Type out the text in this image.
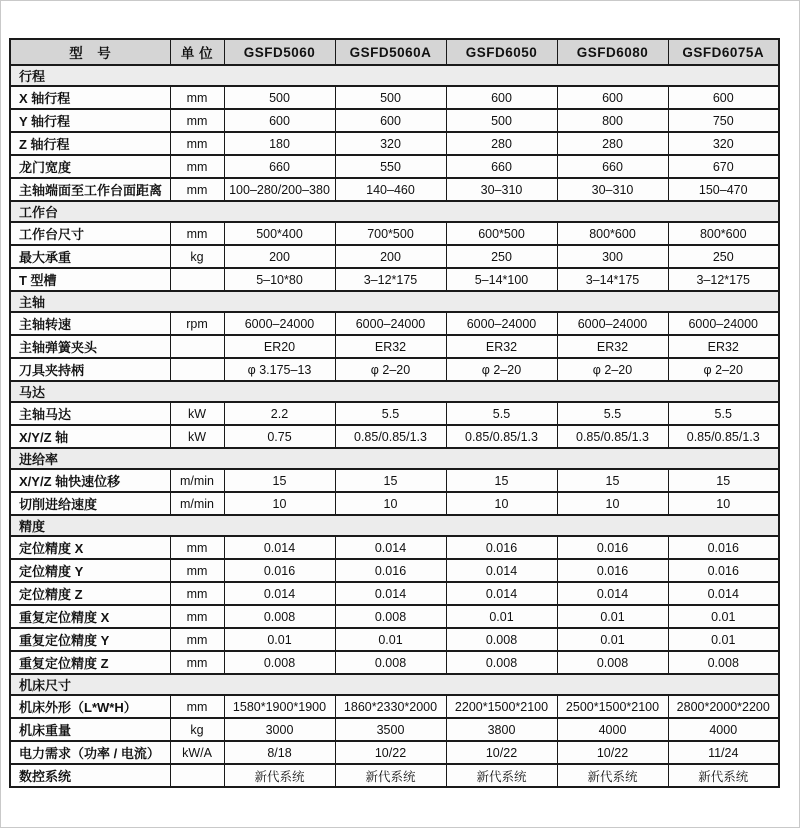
型　号	单 位	GSFD5060	GSFD5060A	GSFD6050	GSFD6080	GSFD6075A
行程						
X 轴行程	mm	500	500	600	600	600
Y 轴行程	mm	600	600	500	800	750
Z 轴行程	mm	180	320	280	280	320
龙门宽度	mm	660	550	660	660	670
主轴端面至工作台面距离	mm	100–280/200–380	140–460	30–310	30–310	150–470
工作台						
工作台尺寸	mm	500*400	700*500	600*500	800*600	800*600
最大承重	kg	200	200	250	300	250
T 型槽		5–10*80	3–12*175	5–14*100	3–14*175	3–12*175
主轴						
主轴转速	rpm	6000–24000	6000–24000	6000–24000	6000–24000	6000–24000
主轴弹簧夹头		ER20	ER32	ER32	ER32	ER32
刀具夹持柄		φ 3.175–13	φ 2–20	φ 2–20	φ 2–20	φ 2–20
马达						
主轴马达	kW	2.2	5.5	5.5	5.5	5.5
X/Y/Z 轴	kW	0.75	0.85/0.85/1.3	0.85/0.85/1.3	0.85/0.85/1.3	0.85/0.85/1.3
进给率						
X/Y/Z 轴快速位移	m/min	15	15	15	15	15
切削进给速度	m/min	10	10	10	10	10
精度						
定位精度 X	mm	0.014	0.014	0.016	0.016	0.016
定位精度 Y	mm	0.016	0.016	0.014	0.016	0.016
定位精度 Z	mm	0.014	0.014	0.014	0.014	0.014
重复定位精度 X	mm	0.008	0.008	0.01	0.01	0.01
重复定位精度 Y	mm	0.01	0.01	0.008	0.01	0.01
重复定位精度 Z	mm	0.008	0.008	0.008	0.008	0.008
机床尺寸						
机床外形（L*W*H）	mm	1580*1900*1900	1860*2330*2000	2200*1500*2100	2500*1500*2100	2800*2000*2200
机床重量	kg	3000	3500	3800	4000	4000
电力需求（功率 / 电流）	kW/A	8/18	10/22	10/22	10/22	11/24
数控系统		新代系统	新代系统	新代系统	新代系统	新代系统
